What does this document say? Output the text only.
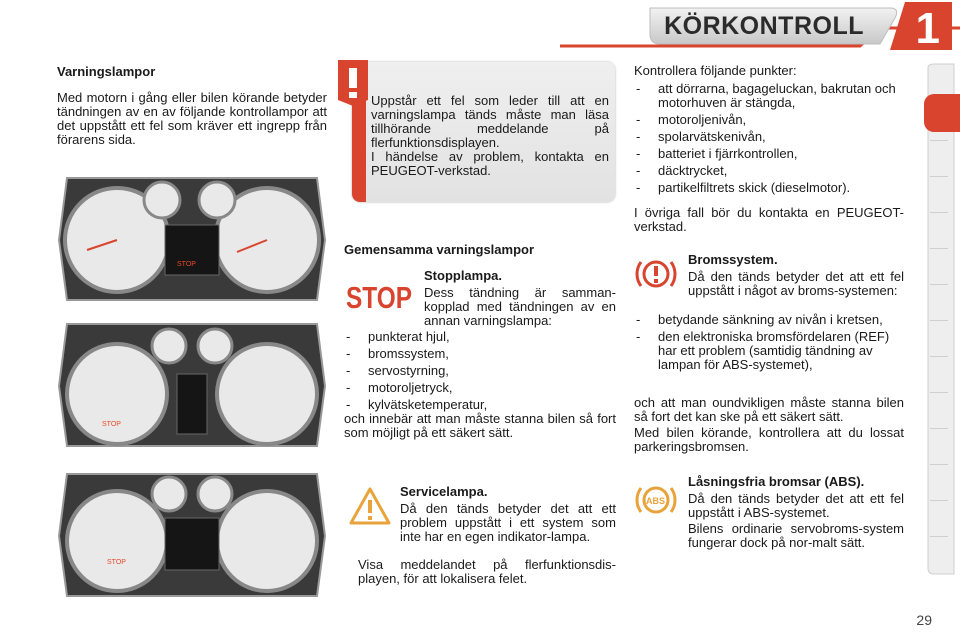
KÖRKONTROLL 1
Varningslampor

Med motorn i gång eller bilen körande betyder tändningen av en av följande kontrollampor att det uppstått ett fel som kräver ett ingrepp från förarens sida.

STOP
STOP
STOP

Uppstår ett fel som leder till att en varningslampa tänds måste man läsa tillhörande meddelande på flerfunktionsdisplayen.

I händelse av problem, kontakta en PEUGEOT-verkstad.

Gemensamma varningslampor
STOP
Stopplampa.

Dess tändning är samman-kopplad med tändningen av en annan varningslampa:

- punkterat hjul,
- bromssystem,
- servostyrning,
- motoroljetryck,
- kylvätsketemperatur,

och innebär att man måste stanna bilen så fort som möjligt på ett säkert sätt.

Servicelampa.

Då den tänds betyder det att ett problem uppstått i ett system som inte har en egen indikator-lampa.

Visa meddelandet på flerfunktionsdis-playen, för att lokalisera felet.

Kontrollera följande punkter:

- att dörrarna, bagageluckan, bakrutan och motorhuven är stängda,
- motoroljenivån,
- spolarvätskenivån,
- batteriet i fjärrkontrollen,
- däcktrycket,
- partikelfiltrets skick (dieselmotor).

I övriga fall bör du kontakta en PEUGEOT-verkstad.

Bromssystem.

Då den tänds betyder det att ett fel uppstått i något av broms-systemen:

- betydande sänkning av nivån i kretsen,
- den elektroniska bromsfördelaren (REF) har ett problem (samtidig tändning av lampan för ABS-systemet),

och att man oundvikligen måste stanna bilen så fort det kan ske på ett säkert sätt.

Med bilen körande, kontrollera att du lossat parkeringsbromsen.

ABS
Låsningsfria bromsar (ABS).

Då den tänds betyder det att ett fel uppstått i ABS-systemet.

Bilens ordinarie servobroms-system fungerar dock på nor-malt sätt.

29
